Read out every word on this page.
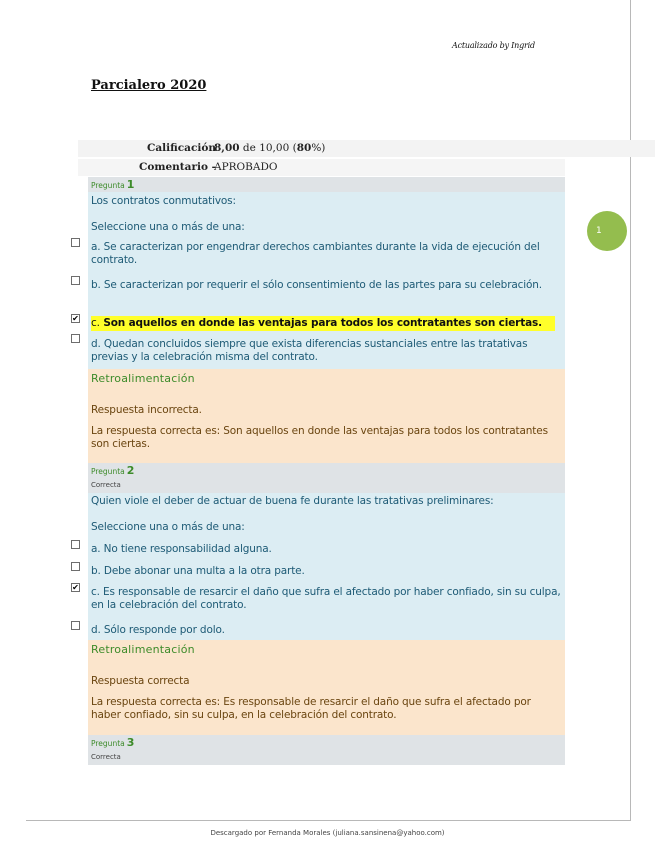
Actualizado by Ingrid
Parcialero 2020
Calificación
8,00 de 10,00 (80%)
Comentario -
APROBADO
Pregunta 1
Los contratos conmutativos:
Seleccione una o más de una:
a. Se caracterizan por engendrar derechos cambiantes durante la vida de ejecución del contrato.
b. Se caracterizan por requerir el sólo consentimiento de las partes para su celebración.
c. Son aquellos en donde las ventajas para todos los contratantes son ciertas.
d. Quedan concluidos siempre que exista diferencias sustanciales entre las tratativas previas y la celebración misma del contrato.
✔
Retroalimentación
Respuesta incorrecta.
La respuesta correcta es: Son aquellos en donde las ventajas para todos los contratantes son ciertas.
Pregunta 2
Correcta
Quien viole el deber de actuar de buena fe durante las tratativas preliminares:
Seleccione una o más de una:
a. No tiene responsabilidad alguna.
b. Debe abonar una multa a la otra parte.
c. Es responsable de resarcir el daño que sufra el afectado por haber confiado, sin su culpa, en la celebración del contrato.
d. Sólo responde por dolo.
✔
Retroalimentación
Respuesta correcta
La respuesta correcta es: Es responsable de resarcir el daño que sufra el afectado por haber confiado, sin su culpa, en la celebración del contrato.
Pregunta 3
Correcta
1
Descargado por Fernanda Morales (juliana.sansinena@yahoo.com)
